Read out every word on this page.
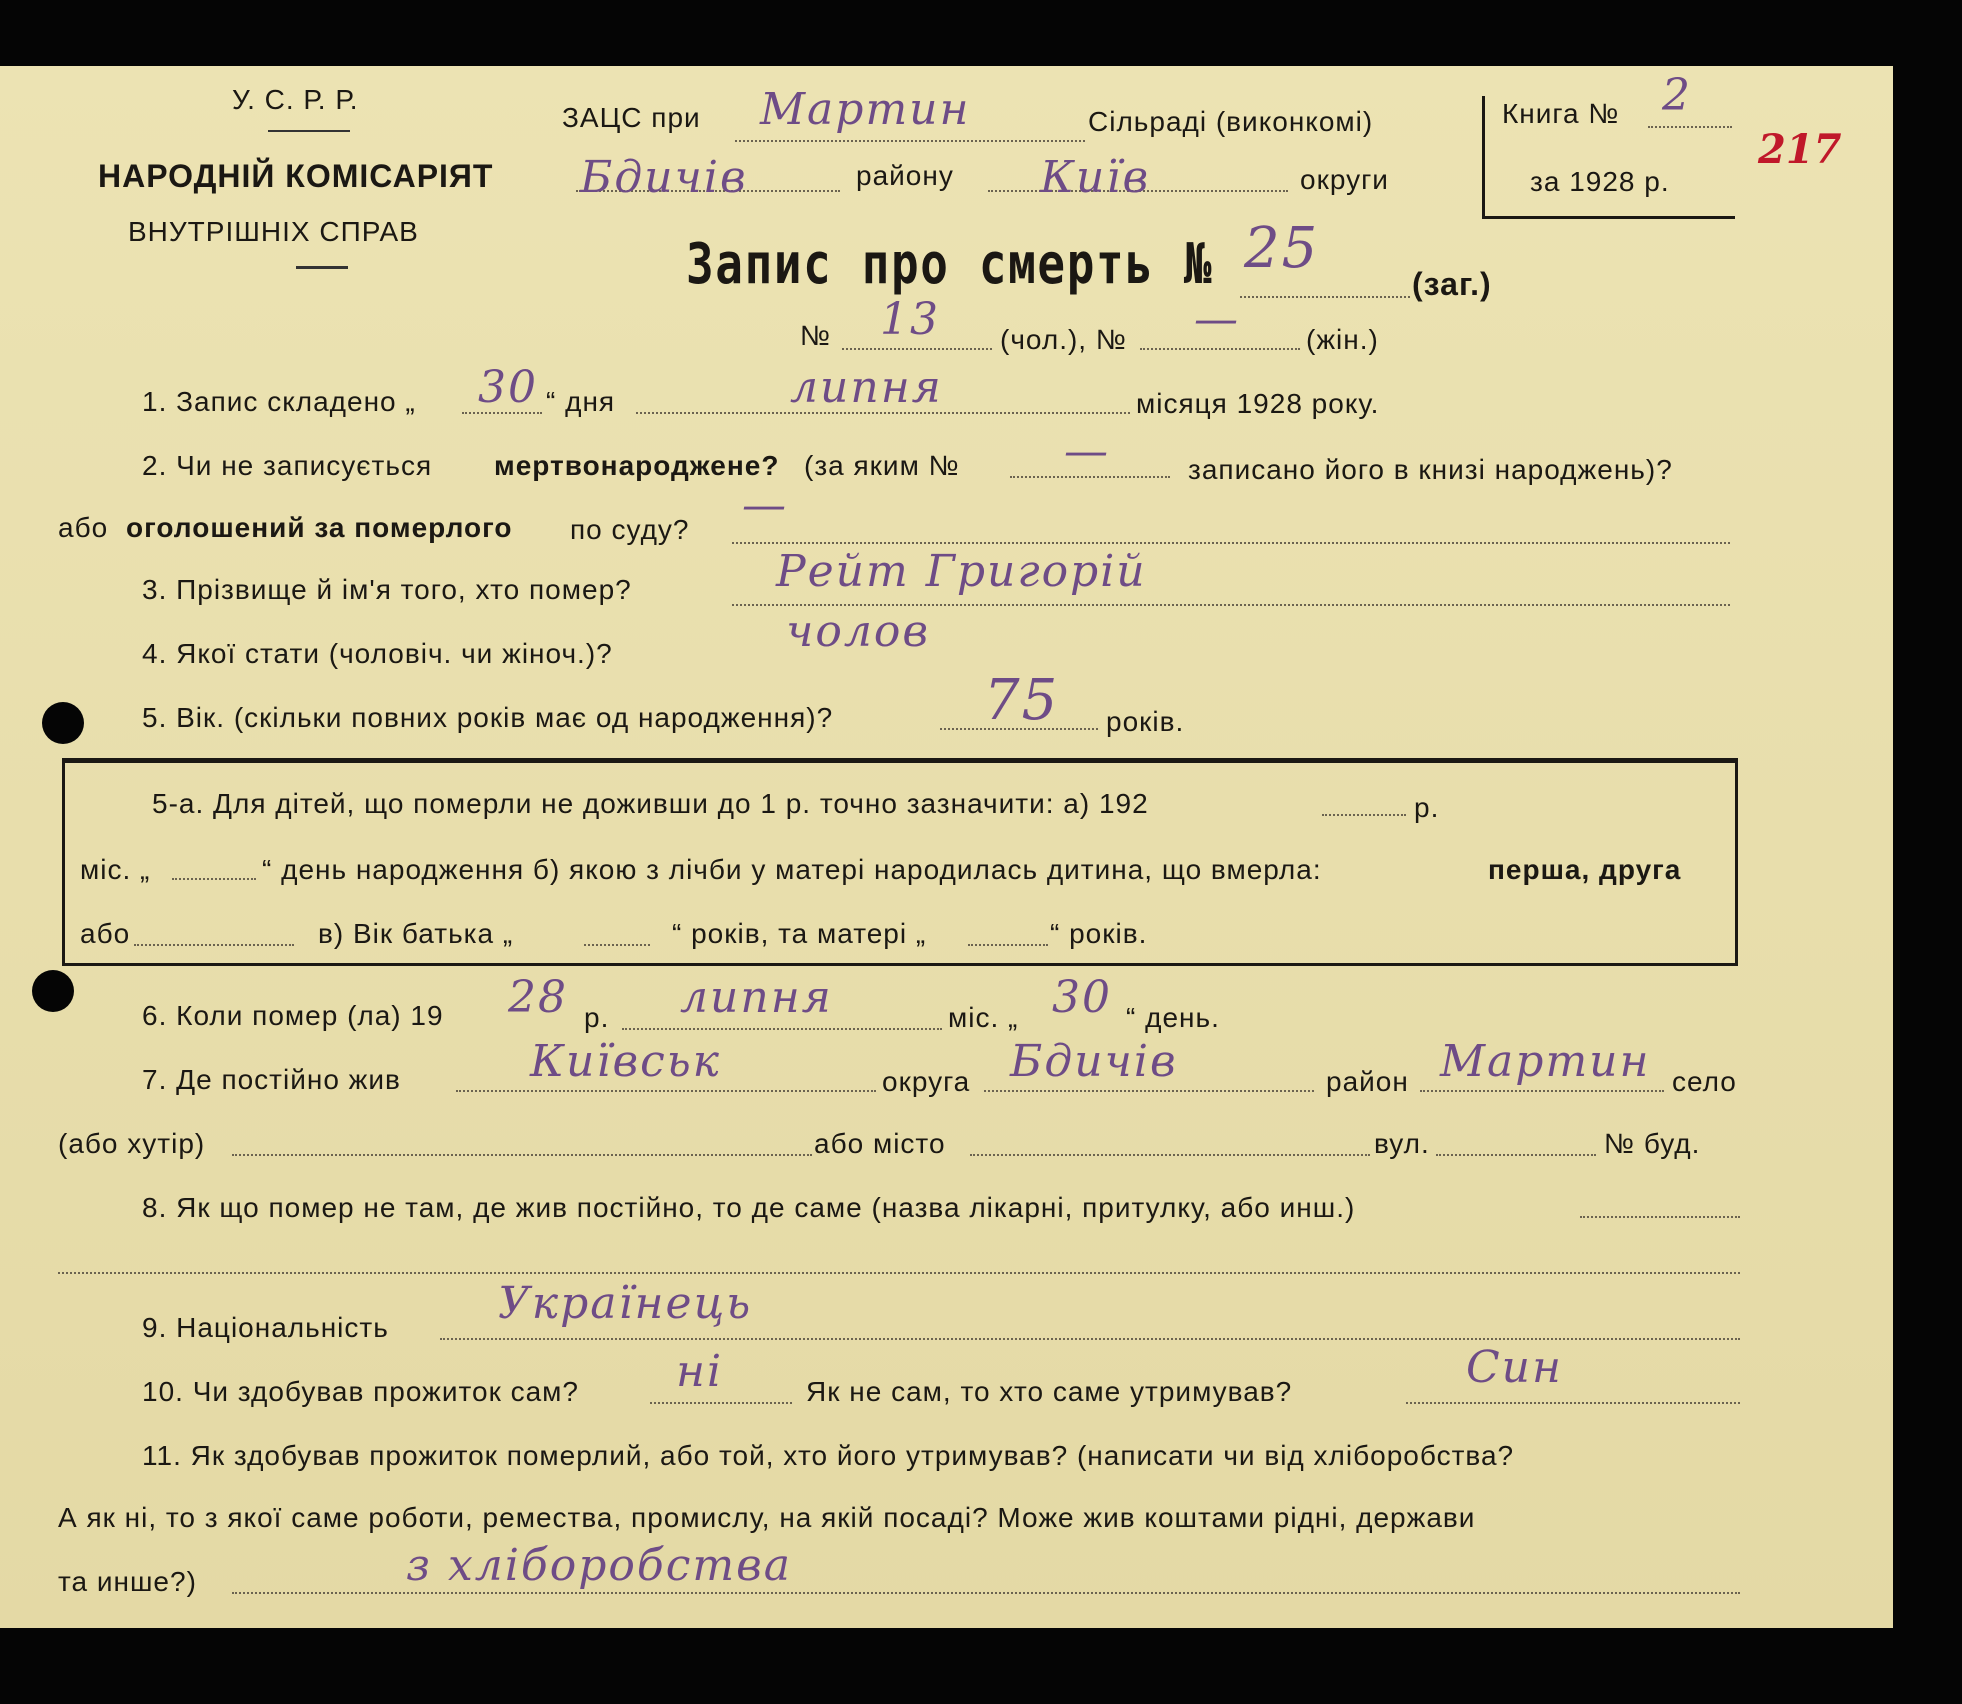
У. С. Р. Р.
НАРОДНІЙ КОМІСАРІЯТ
ВНУТРІШНІХ СПРАВ
ЗАЦС при Мартин	Сільраді (виконкомі)
Бдичів	району Київ	округи
Книга № 2
за 1928 р.
217
Запис про смерть № 25
(заг.)
№ 13 (чол.), № — (жін.)
1. Запис складено „ 30 “ дня	липня	місяця 1928 року.
2. Чи не записується мертвонароджене? (за яким № —	записано його в книзі народжень)?
або оголошений за померлого по суду? —
3. Прізвище й ім'я того, хто помер?	Рейт Григорій
4. Якої стати (чоловіч. чи жіноч.)?	чолов
5. Вік. (скільки повних років має од народження)?	75 років.
5-а. Для дітей, що померли не доживши до 1 р. точно зазначити: а) 192	р.
міс. „	“ день народження б) якою з лічби у матері народилась дитина, що вмерла:	перша, друга
або	в) Вік батька „	“ років, та матері „	“ років.
6. Коли помер (ла) 19 28 р. липня	міс. „ 30 “ день.
7. Де постійно жив	Київськ	округа Бдичів	район Мартин село
(або хутір)	або місто	вул.	№ буд.
8. Як що помер не там, де жив постійно, то де саме (назва лікарні, притулку, або инш.)
9. Національність Українець
10. Чи здобував прожиток сам? ні	Як не сам, то хто саме утримував?	Син
11. Як здобував прожиток померлий, або той, хто його утримував? (написати чи від хліборобства?
А як ні, то з якої саме роботи, ремества, промислу, на якій посаді? Може жив коштами рідні, держави
та инше?)	з хліборобства
